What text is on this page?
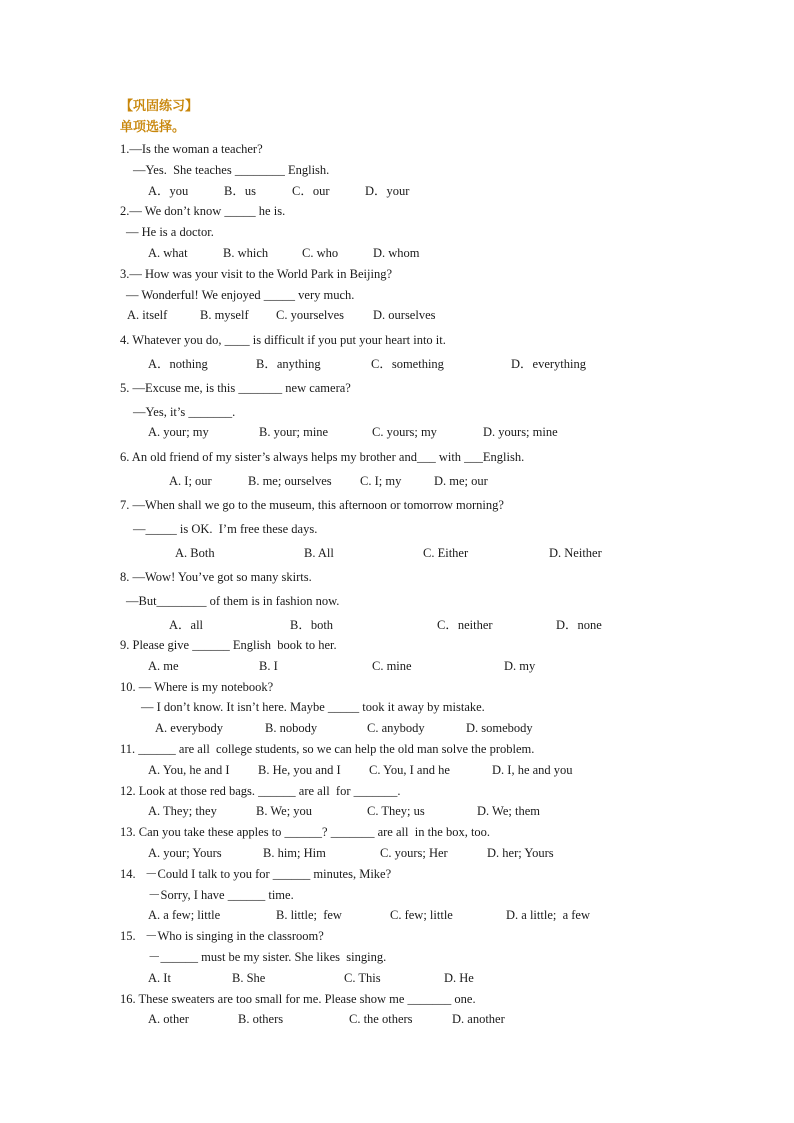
【巩固练习】
单项选择。
1.—Is the woman a teacher?
—Yes.  She teaches ________ English.
A．you	B．us	C．our	D．your
2.— We don’t know _____ he is.
— He is a doctor.
A. what	B. which	C. who	D. whom
3.— How was your visit to the World Park in Beijing?
— Wonderful! We enjoyed _____ very much.
A. itself	B. myself C. yourselves D. ourselves
4. Whatever you do, ____ is difficult if you put your heart into it.
A．nothing	B．anything	C．something	D．everything
5. —Excuse me, is this _______ new camera?
—Yes, it’s _______.
A. your; my	B. your; mine	C. yours; my	D. yours; mine
6. An old friend of my sister’s always helps my brother and___ with ___English.
A. I; our	B. me; ourselves C. I; my	D. me; our
7. —When shall we go to the museum, this afternoon or tomorrow morning?
—_____ is OK.  I’m free these days.
A. Both	B. All	C. Either	D. Neither
8. —Wow! You’ve got so many skirts.
—But________ of them is in fashion now.
A．all	B．both	C．neither	D．none
9. Please give ______ English  book to her.
A. me	B. I	C. mine	D. my
10. — Where is my notebook?
— I don’t know. It isn’t here. Maybe _____ took it away by mistake.
A. everybody	B. nobody	C. anybody	D. somebody
11. ______ are all  college students, so we can help the old man solve the problem.
A. You, he and I B. He, you and I C. You, I and he	D. I, he and you
12. Look at those red bags. ______ are all  for _______.
A. They; they	B. We; you	C. They; us	D. We; them
13. Can you take these apples to ______? _______ are all  in the box, too.
A. your; Yours	B. him; Him	C. yours; Her	D. her; Yours
14.   －Could I talk to you for ______ minutes, Mike?
－Sorry, I have ______ time.
A. a few; little	B. little;  few	C. few; little	D. a little;  a few
15.   －Who is singing in the classroom?
－______ must be my sister. She likes  singing.
A. It	B. She	C. This	D. He
16. These sweaters are too small for me. Please show me _______ one.
A. other	B. others	C. the others	D. another
